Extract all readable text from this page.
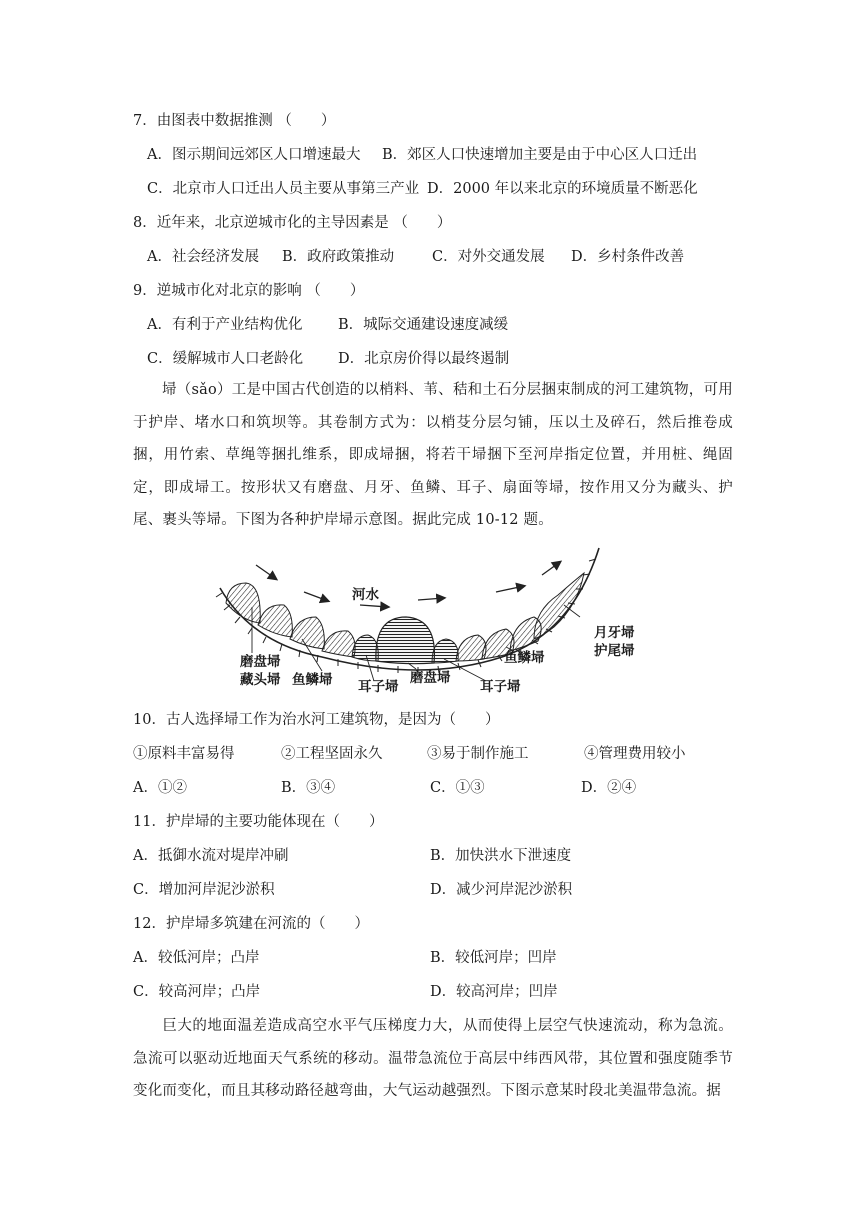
7．由图表中数据推测 （　　）
A．图示期间远郊区人口增速最大 B．郊区人口快速增加主要是由于中心区人口迁出
C．北京市人口迁出人员主要从事第三产业 D．2000 年以来北京的环境质量不断恶化
8．近年来，北京逆城市化的主导因素是 （　　）
A．社会经济发展 B．政府政策推动	C．对外交通发展 D．乡村条件改善
9．逆城市化对北京的影响 （　　）
A．有利于产业结构优化 B．城际交通建设速度减缓
C．缓解城市人口老龄化 D．北京房价得以最终遏制
埽（sǎo）工是中国古代创造的以梢料、苇、秸和土石分层捆束制成的河工建筑物，可用于护岸、堵水口和筑坝等。其卷制方式为：以梢芟分层匀铺，压以土及碎石，然后推卷成捆，用竹索、草绳等捆扎维系，即成埽捆，将若干埽捆下至河岸指定位置，并用桩、绳固定，即成埽工。按形状又有磨盘、月牙、鱼鳞、耳子、扇面等埽，按作用又分为藏头、护尾、裹头等埽。下图为各种护岸埽示意图。据此完成 10-12 题。
河水
月牙埽
护尾埽
鱼鳞埽
磨盘埽
藏头埽 鱼鳞埽 耳子埽
磨盘埽
耳子埽
10．古人选择埽工作为治水河工建筑物，是因为（　　）
①原料丰富易得	②工程坚固永久	③易于制作施工	④管理费用较小
A．①②	B．③④	C．①③	D．②④
11．护岸埽的主要功能体现在（　　）
A．抵御水流对堤岸冲刷	B．加快洪水下泄速度
C．增加河岸泥沙淤积	D．减少河岸泥沙淤积
12．护岸埽多筑建在河流的（　　）
A．较低河岸；凸岸	B．较低河岸；凹岸
C．较高河岸；凸岸	D．较高河岸；凹岸
巨大的地面温差造成高空水平气压梯度力大，从而使得上层空气快速流动，称为急流。急流可以驱动近地面天气系统的移动。温带急流位于高层中纬西风带，其位置和强度随季节变化而变化，而且其移动路径越弯曲，大气运动越强烈。下图示意某时段北美温带急流。据
